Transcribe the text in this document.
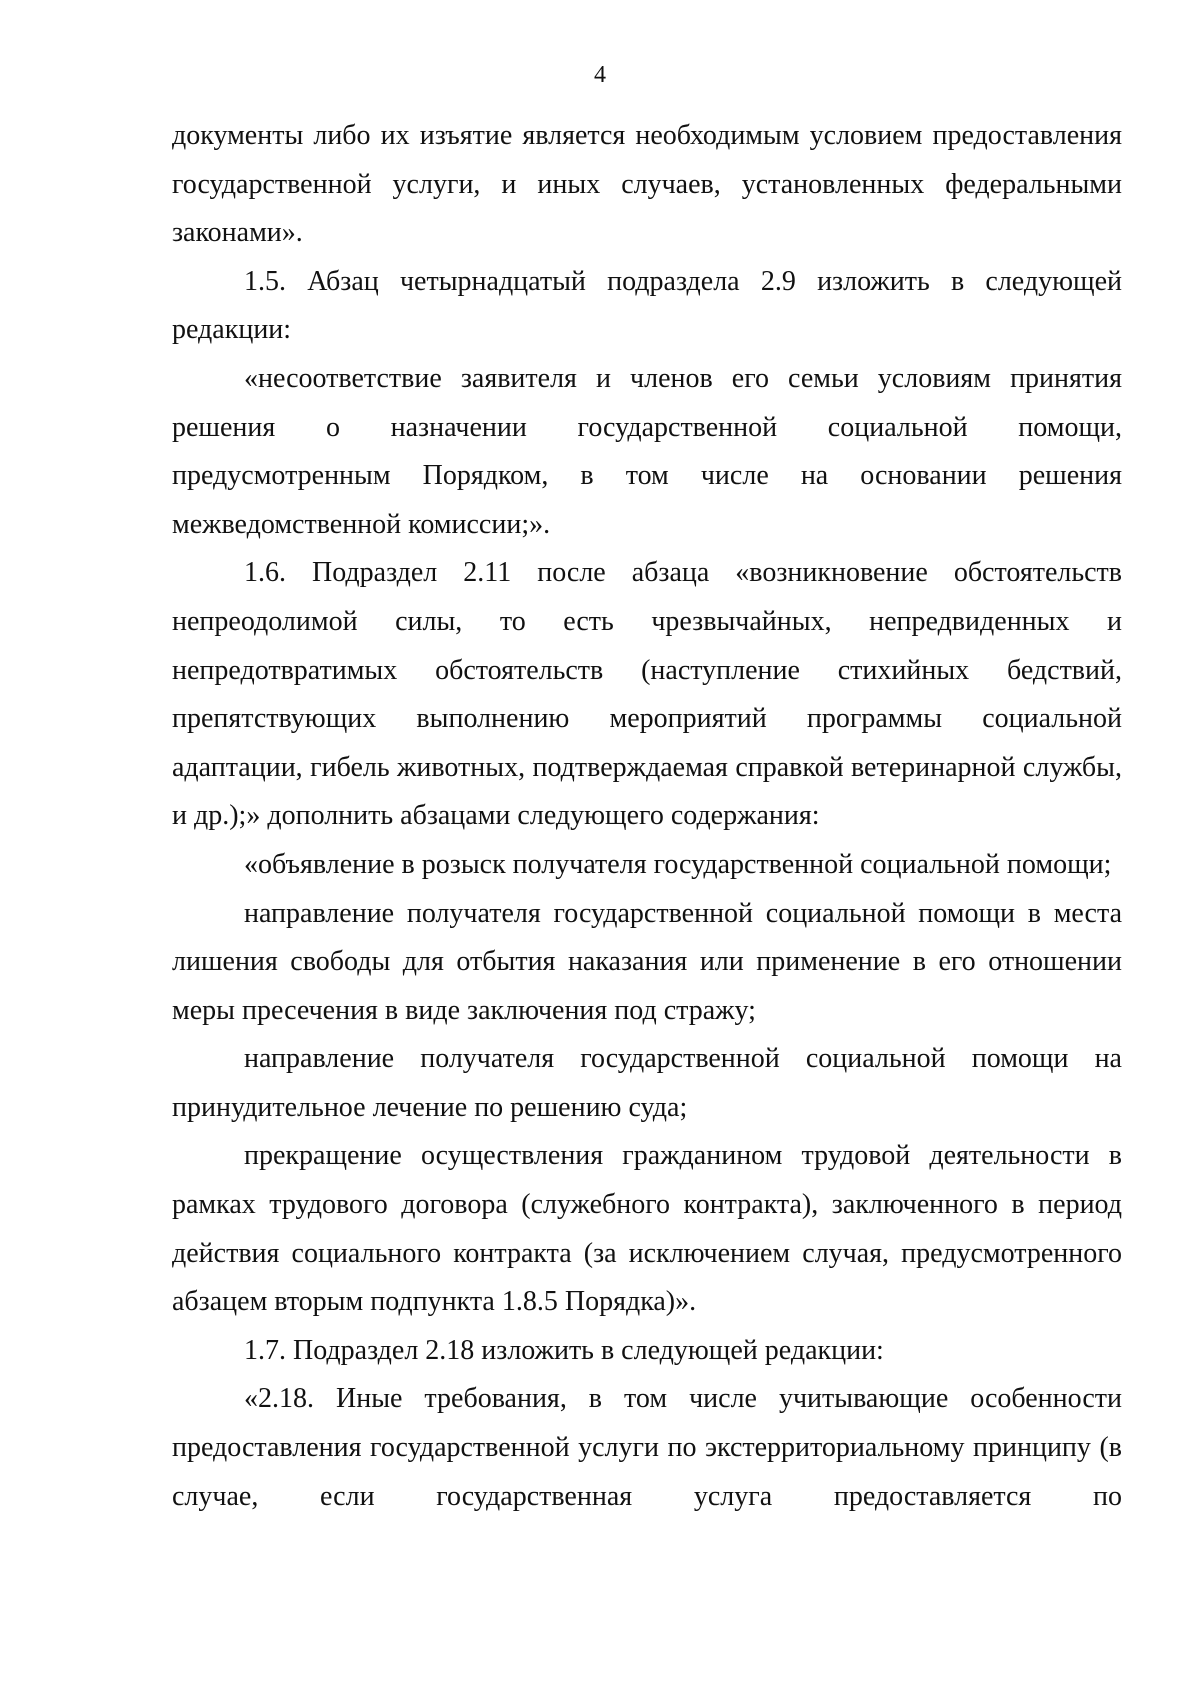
4

документы либо их изъятие является необходимым условием предоставления государственной услуги, и иных случаев, установленных федеральными законами».

1.5. Абзац четырнадцатый подраздела 2.9 изложить в следующей редакции:

«несоответствие заявителя и членов его семьи условиям принятия решения о назначении государственной социальной помощи, предусмотренным Порядком, в том числе на основании решения межведомственной комиссии;».

1.6. Подраздел 2.11 после абзаца «возникновение обстоятельств непреодолимой силы, то есть чрезвычайных, непредвиденных и непредотвратимых обстоятельств (наступление стихийных бедствий, препятствующих выполнению мероприятий программы социальной адаптации, гибель животных, подтверждаемая справкой ветеринарной службы, и др.);» дополнить абзацами следующего содержания:

«объявление в розыск получателя государственной социальной помощи;

направление получателя государственной социальной помощи в места лишения свободы для отбытия наказания или применение в его отношении меры пресечения в виде заключения под стражу;

направление получателя государственной социальной помощи на принудительное лечение по решению суда;

прекращение осуществления гражданином трудовой деятельности в рамках трудового договора (служебного контракта), заключенного в период действия социального контракта (за исключением случая, предусмотренного абзацем вторым подпункта 1.8.5 Порядка)».

1.7. Подраздел 2.18 изложить в следующей редакции:

«2.18. Иные требования, в том числе учитывающие особенности предоставления государственной услуги по экстерриториальному принципу (в случае, если государственная услуга предоставляется по
